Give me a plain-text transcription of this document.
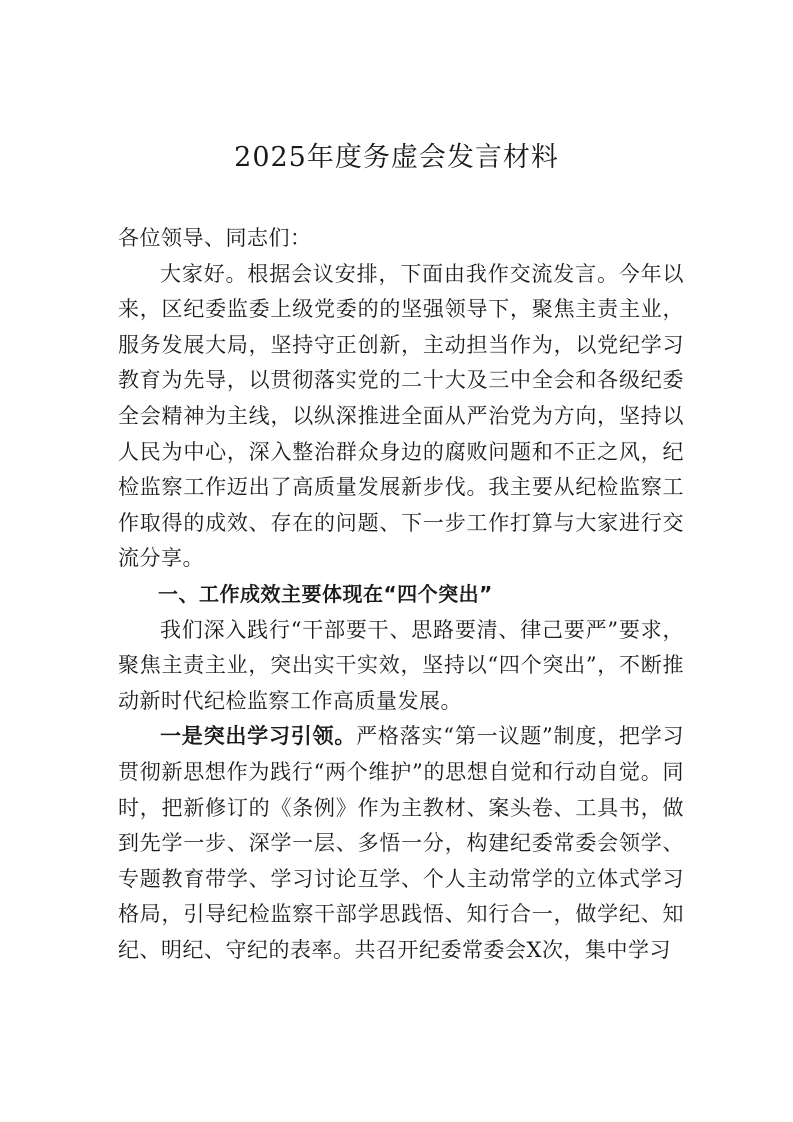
2025年度务虚会发言材料

各位领导、同志们：

大家好。根据会议安排，下面由我作交流发言。今年以来，区纪委监委上级党委的的坚强领导下，聚焦主责主业，服务发展大局，坚持守正创新，主动担当作为，以党纪学习教育为先导，以贯彻落实党的二十大及三中全会和各级纪委全会精神为主线，以纵深推进全面从严治党为方向，坚持以人民为中心，深入整治群众身边的腐败问题和不正之风，纪检监察工作迈出了高质量发展新步伐。我主要从纪检监察工作取得的成效、存在的问题、下一步工作打算与大家进行交流分享。

一、工作成效主要体现在“四个突出”

我们深入践行“干部要干、思路要清、律己要严”要求，聚焦主责主业，突出实干实效，坚持以“四个突出”，不断推动新时代纪检监察工作高质量发展。

一是突出学习引领。严格落实“第一议题”制度，把学习贯彻新思想作为践行“两个维护”的思想自觉和行动自觉。同时，把新修订的《条例》作为主教材、案头卷、工具书，做到先学一步、深学一层、多悟一分，构建纪委常委会领学、专题教育带学、学习讨论互学、个人主动常学的立体式学习格局，引导纪检监察干部学思践悟、知行合一，做学纪、知纪、明纪、守纪的表率。共召开纪委常委会X次，集中学习
